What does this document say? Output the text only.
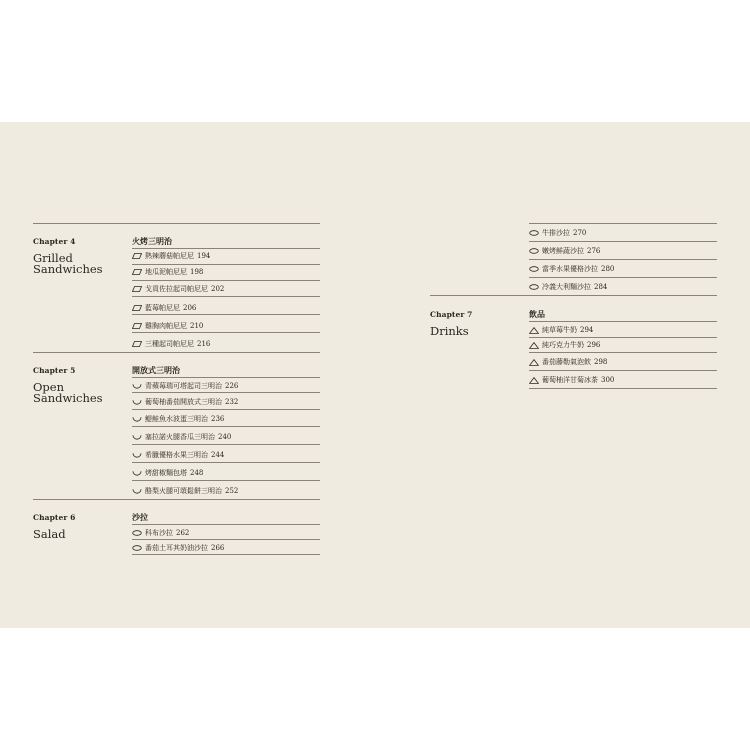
Chapter 4	火烤三明治
Grilled
Sandwiches
熱辣蘑菇帕尼尼 194
地瓜泥帕尼尼 198
戈貢佐拉起司帕尼尼 202
藍莓帕尼尼 206
雞胸肉帕尼尼 210
三種起司帕尼尼 216
Chapter 5	開放式三明治
Open
Sandwiches
青蘋莓瑞可塔起司三明治 226
葡萄柚番茄開放式三明治 232
鯷鮭魚水波蛋三明治 236
塞拉諾火腿香瓜三明治 240
希臘優格水果三明治 244
烤甜椒麵包塔 248
酪梨火腿可頌鬆餅三明治 252
Chapter 6	沙拉
Salad	科布沙拉 262
番茄土耳其奶油沙拉 266
牛排沙拉 270
嫩烤鮮蔬沙拉 276
當季水果優格沙拉 280
冷義大利麵沙拉 284
Chapter 7	飲品
Drinks	純草莓牛奶 294
純巧克力牛奶 296
番茄藤勒氣泡飲 298
葡萄柚洋甘菊冰茶 300
